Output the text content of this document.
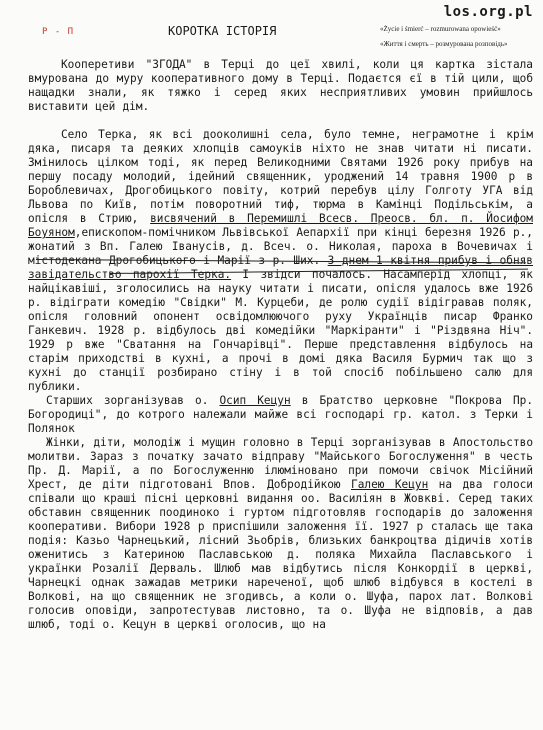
Р - П	КОРОТКА ІСТОРІЯ
los.org.pl
«Życie i śmierć – rozmurowana opowieść»
«Життя і смерть – розмурована розповідь»

Кооперетиви "ЗГОДА" в Терці до цеї хвилі, коли ця картка зістала вмурована до муру кооперативного дому в Терці. Подаєтся єї в тій цили, щоб нащадки знали, як тяжко і серед яких несприятливих умовин прийшлось виставити цей дім.

Село Терка, як всі дооколишні села, було темне, неграмотне і крім дяка, писаря та деяких хлопців самоуків ніхто не знав читати ні писати. Змінилось цілком тоді, як перед Великодними Святами 1926 року прибув на першу посаду молодий, ідейний священник, уроджений 14 травня 1900 р в Бороблевичах, Дрогобицького повіту, котрий перебув цілу Голготу УГА від Львова по Київ, потім поворотний тиф, тюрма в Камінці Подільськім, а опісля в Стрию, висвячений в Перемишлі Всесв. Преосв. бл. п. Йосифом Боуяном,епископом-помічником Львівської Аепархії при кінці березня 1926 р., жонатий з Вп. Галею Іванусів, д. Всеч. о. Николая, пароха в Вочевичах і містодекана Дрогобицького і Марії з р. Ших. З днем 1 квітня прибув і обняв завідательство парохії Терка. І звідси почалось. Насамперід хлопці, як найцікавіші, зголосились на науку читати і писати, опісля удалось вже 1926 р. відіграти комедію "Свідки" М. Курцеби, де ролю судії відігравав поляк, опісля головний опонент освідомлюючого руху Українців писар Франко Ганкевич. 1928 р. відбулось дві комедійки "Маркіранти" і "Різдвяна Ніч". 1929 р вже "Сватання на Гончарівці". Перше представлення відбулось на старім приходстві в кухні, а прочі в домі дяка Василя Бурмич так що з кухні до станції розбирано стіну і в той спосіб побільшено салю для публики.

Старших зорганізував о. Осип Кецун в Братство церковне "Покрова Пр. Богородиці", до котрого належали майже всі господарі гр. катол. з Терки і Полянок

Жінки, діти, молодіж і мущин головно в Терці зорганізував в Апостольство молитви. Зараз з початку зачато відправу "Майського Богослуження" в честь Пр. Д. Марії, а по Богослуженню ілюміновано при помочи свічок Місійний Хрест, де діти підготовані Впов. Добродійкою Галею Кецун на два голоси співали що краші пісні церковні видання оо. Василіян в Жовкві. Серед таких обставин священник поодиноко і гуртом підготовляв господарів до заложення кооперативи. Вибори 1928 р приспішили заложення її. 1927 р сталась ще така подія: Казьо Чарнецький, лісний Зьобрів, близьких банкроцтва дідичів хотів оженитись з Катериною Паславською д. поляка Михайла Паславського і українки Розалії Дерваль. Шлюб мав відбутись після Конкордії в церкві, Чарнецкі однак зажадав метрики нареченої, щоб шлюб відбувся в костелі в Волкові, на що священник не згодивсь, а коли о. Шуфа, парох лат. Волкові голосив оповіди, запротестував листовно, та о. Шуфа не відповів, а дав шлюб, тоді о. Кецун в церкві оголосив, що на
